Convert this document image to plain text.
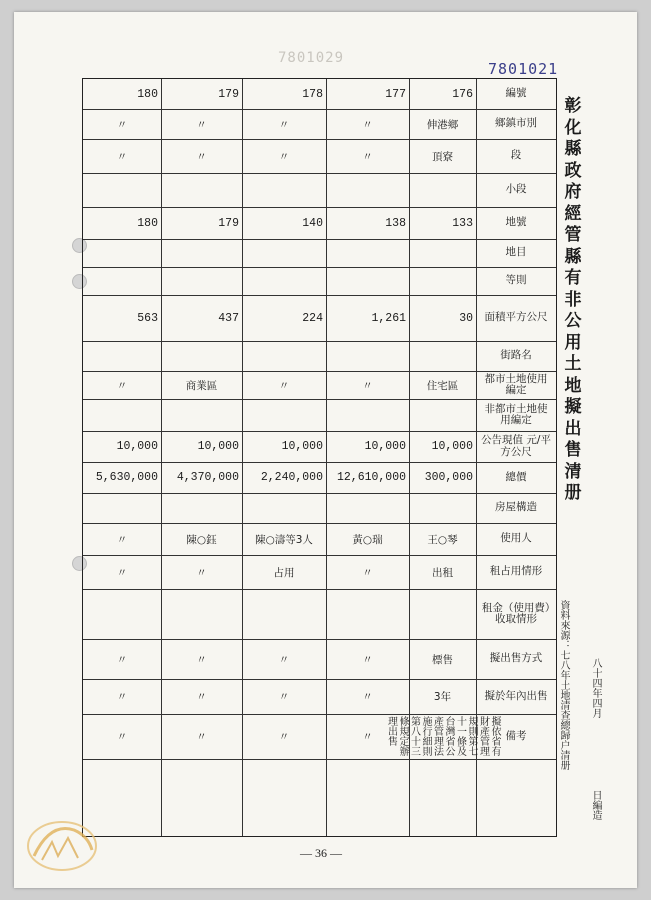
7801029
7801021
彰化縣政府經管縣有非公用土地擬出售清册
資料來源：七八年土地清查總歸户清册 八十四年四月
日編造
編號
鄉鎮市別
段
小段
地號
地目
等則
面積平方公尺
街路名
都市土地使用編定
非都市土地使用編定
公告現值 元/平方公尺
總價
房屋構造
使用人
租占用情形
租金（使用費）收取情形
擬出售方式
擬於年內出售
備考
180
〃
〃
180
563
〃
10,000
5,630,000
〃
〃
〃
〃
〃
179
〃
〃
179
437
商業區
10,000
4,370,000
陳○鈺
〃
〃
〃
〃
178
〃
〃
140
224
〃
10,000
2,240,000
陳○濤等3人
占用
〃
〃
〃
177
〃
〃
138
1,261
〃
10,000
12,610,000
黃○瑞
〃
〃
〃
〃
176
伸港鄉
頂寮
133
30
住宅區
10,000
300,000
王○琴
出租
標售
3年
擬依省有財產管理規則第七十一條及台灣省公產管理法施行細則第八十三條規定辦理出售
— 36 —
